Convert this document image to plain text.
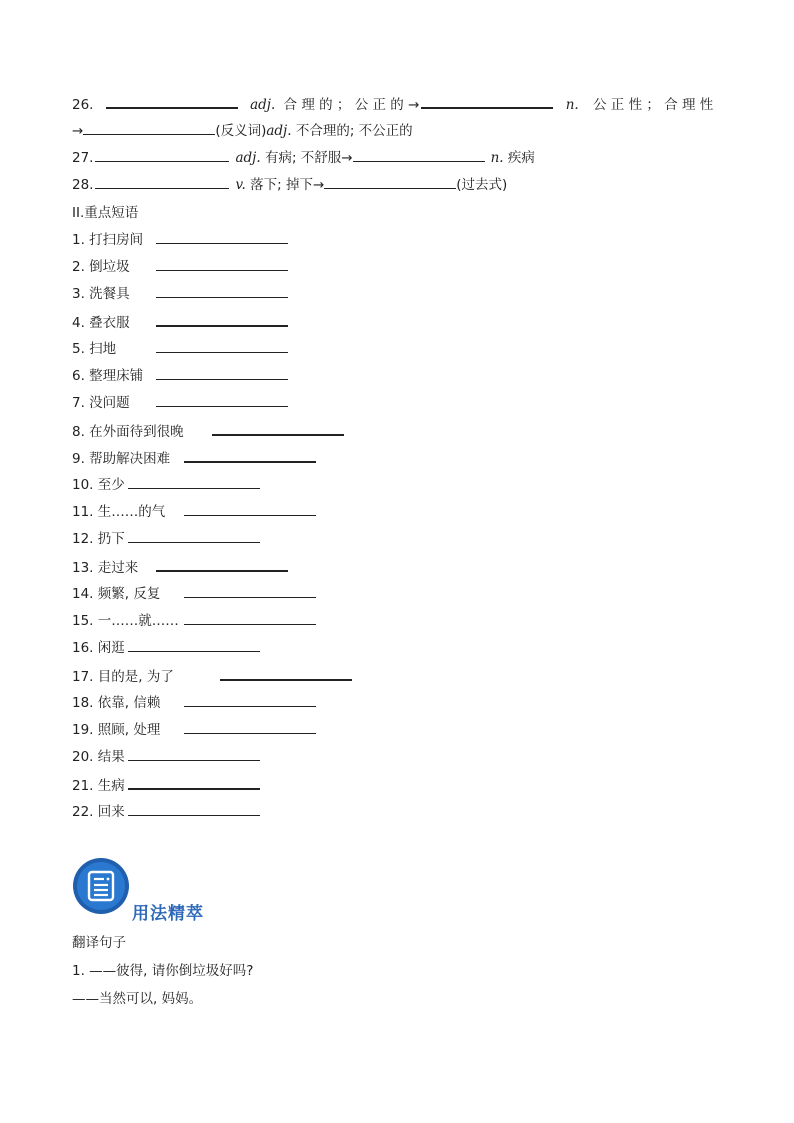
26.	adj. 合 理 的 ； 公 正 的 →	n. 公 正 性 ； 合 理 性
→	(反义词)adj. 不合理的; 不公正的
27.	adj. 有病; 不舒服→	n. 疾病
28.	v. 落下; 掉下→	(过去式)
II.重点短语
1. 打扫房间
2. 倒垃圾
3. 洗餐具
4. 叠衣服
5. 扫地
6. 整理床铺
7. 没问题
8. 在外面待到很晚
9. 帮助解决困难
10. 至少
11. 生……的气
12. 扔下
13. 走过来
14. 频繁, 反复
15. 一……就……
16. 闲逛
17. 目的是, 为了
18. 依靠, 信赖
19. 照顾, 处理
20. 结果
21. 生病
22. 回来
用法精萃
翻译句子
1. ——彼得, 请你倒垃圾好吗?
——当然可以, 妈妈。
